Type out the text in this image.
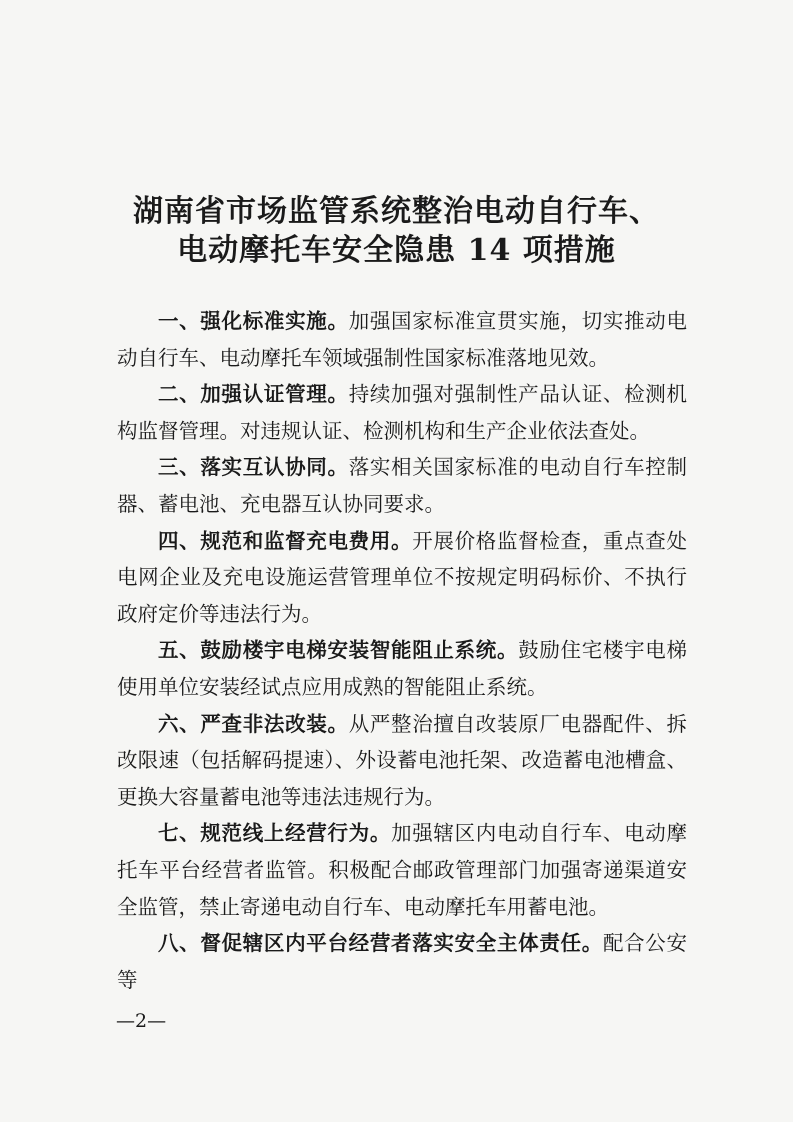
湖南省市场监管系统整治电动自行车、
电动摩托车安全隐患 14 项措施

一、强化标准实施。加强国家标准宣贯实施，切实推动电动自行车、电动摩托车领域强制性国家标准落地见效。

二、加强认证管理。持续加强对强制性产品认证、检测机构监督管理。对违规认证、检测机构和生产企业依法查处。

三、落实互认协同。落实相关国家标准的电动自行车控制器、蓄电池、充电器互认协同要求。

四、规范和监督充电费用。开展价格监督检查，重点查处电网企业及充电设施运营管理单位不按规定明码标价、不执行政府定价等违法行为。

五、鼓励楼宇电梯安装智能阻止系统。鼓励住宅楼宇电梯使用单位安装经试点应用成熟的智能阻止系统。

六、严查非法改装。从严整治擅自改装原厂电器配件、拆改限速（包括解码提速）、外设蓄电池托架、改造蓄电池槽盒、更换大容量蓄电池等违法违规行为。

七、规范线上经营行为。加强辖区内电动自行车、电动摩托车平台经营者监管。积极配合邮政管理部门加强寄递渠道安全监管，禁止寄递电动自行车、电动摩托车用蓄电池。

八、督促辖区内平台经营者落实安全主体责任。配合公安等

—2—
